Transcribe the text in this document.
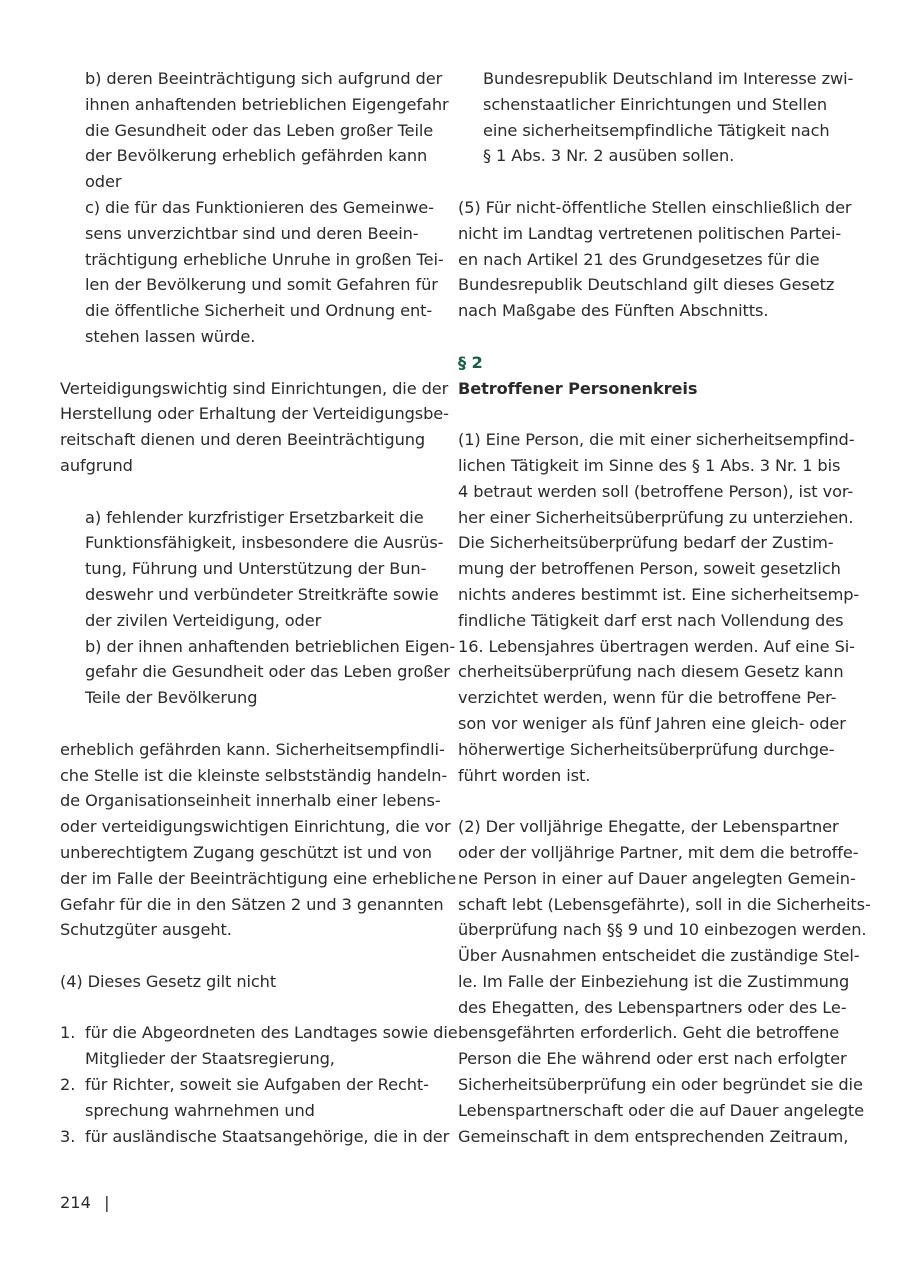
b) deren Beeinträchtigung sich aufgrund der
ihnen anhaftenden betrieblichen Eigengefahr
die Gesundheit oder das Leben großer Teile
der Bevölkerung erheblich gefährden kann
oder
c) die für das Funktionieren des Gemeinwe-
sens unverzichtbar sind und deren Beein-
trächtigung erhebliche Unruhe in großen Tei-
len der Bevölkerung und somit Gefahren für
die öffentliche Sicherheit und Ordnung ent-
stehen lassen würde.
Verteidigungswichtig sind Einrichtungen, die der
Herstellung oder Erhaltung der Verteidigungsbe-
reitschaft dienen und deren Beeinträchtigung
aufgrund
a) fehlender kurzfristiger Ersetzbarkeit die
Funktionsfähigkeit, insbesondere die Ausrüs-
tung, Führung und Unterstützung der Bun-
deswehr und verbündeter Streitkräfte sowie
der zivilen Verteidigung, oder
b) der ihnen anhaftenden betrieblichen Eigen-
gefahr die Gesundheit oder das Leben großer
Teile der Bevölkerung
erheblich gefährden kann. Sicherheitsempfindli-
che Stelle ist die kleinste selbstständig handeln-
de Organisationseinheit innerhalb einer lebens-
oder verteidigungswichtigen Einrichtung, die vor
unberechtigtem Zugang geschützt ist und von
der im Falle der Beeinträchtigung eine erhebliche
Gefahr für die in den Sätzen 2 und 3 genannten
Schutzgüter ausgeht.
(4) Dieses Gesetz gilt nicht
1. für die Abgeordneten des Landtages sowie die
Mitglieder der Staatsregierung,
2. für Richter, soweit sie Aufgaben der Recht-
sprechung wahrnehmen und
3. für ausländische Staatsangehörige, die in der
Bundesrepublik Deutschland im Interesse zwi-
schenstaatlicher Einrichtungen und Stellen
eine sicherheitsempfindliche Tätigkeit nach
§ 1 Abs. 3 Nr. 2 ausüben sollen.
(5) Für nicht-öffentliche Stellen einschließlich der
nicht im Landtag vertretenen politischen Partei-
en nach Artikel 21 des Grundgesetzes für die
Bundesrepublik Deutschland gilt dieses Gesetz
nach Maßgabe des Fünften Abschnitts.
§ 2
Betroffener Personenkreis
(1) Eine Person, die mit einer sicherheitsempfind-
lichen Tätigkeit im Sinne des § 1 Abs. 3 Nr. 1 bis
4 betraut werden soll (betroffene Person), ist vor-
her einer Sicherheitsüberprüfung zu unterziehen.
Die Sicherheitsüberprüfung bedarf der Zustim-
mung der betroffenen Person, soweit gesetzlich
nichts anderes bestimmt ist. Eine sicherheitsemp-
findliche Tätigkeit darf erst nach Vollendung des
16. Lebensjahres übertragen werden. Auf eine Si-
cherheitsüberprüfung nach diesem Gesetz kann
verzichtet werden, wenn für die betroffene Per-
son vor weniger als fünf Jahren eine gleich- oder
höherwertige Sicherheitsüberprüfung durchge-
führt worden ist.
(2) Der volljährige Ehegatte, der Lebenspartner
oder der volljährige Partner, mit dem die betroffe-
ne Person in einer auf Dauer angelegten Gemein-
schaft lebt (Lebensgefährte), soll in die Sicherheits-
überprüfung nach §§ 9 und 10 einbezogen werden.
Über Ausnahmen entscheidet die zuständige Stel-
le. Im Falle der Einbeziehung ist die Zustimmung
des Ehegatten, des Lebenspartners oder des Le-
bensgefährten erforderlich. Geht die betroffene
Person die Ehe während oder erst nach erfolgter
Sicherheitsüberprüfung ein oder begründet sie die
Lebenspartnerschaft oder die auf Dauer angelegte
Gemeinschaft in dem entsprechenden Zeitraum,
214 |
